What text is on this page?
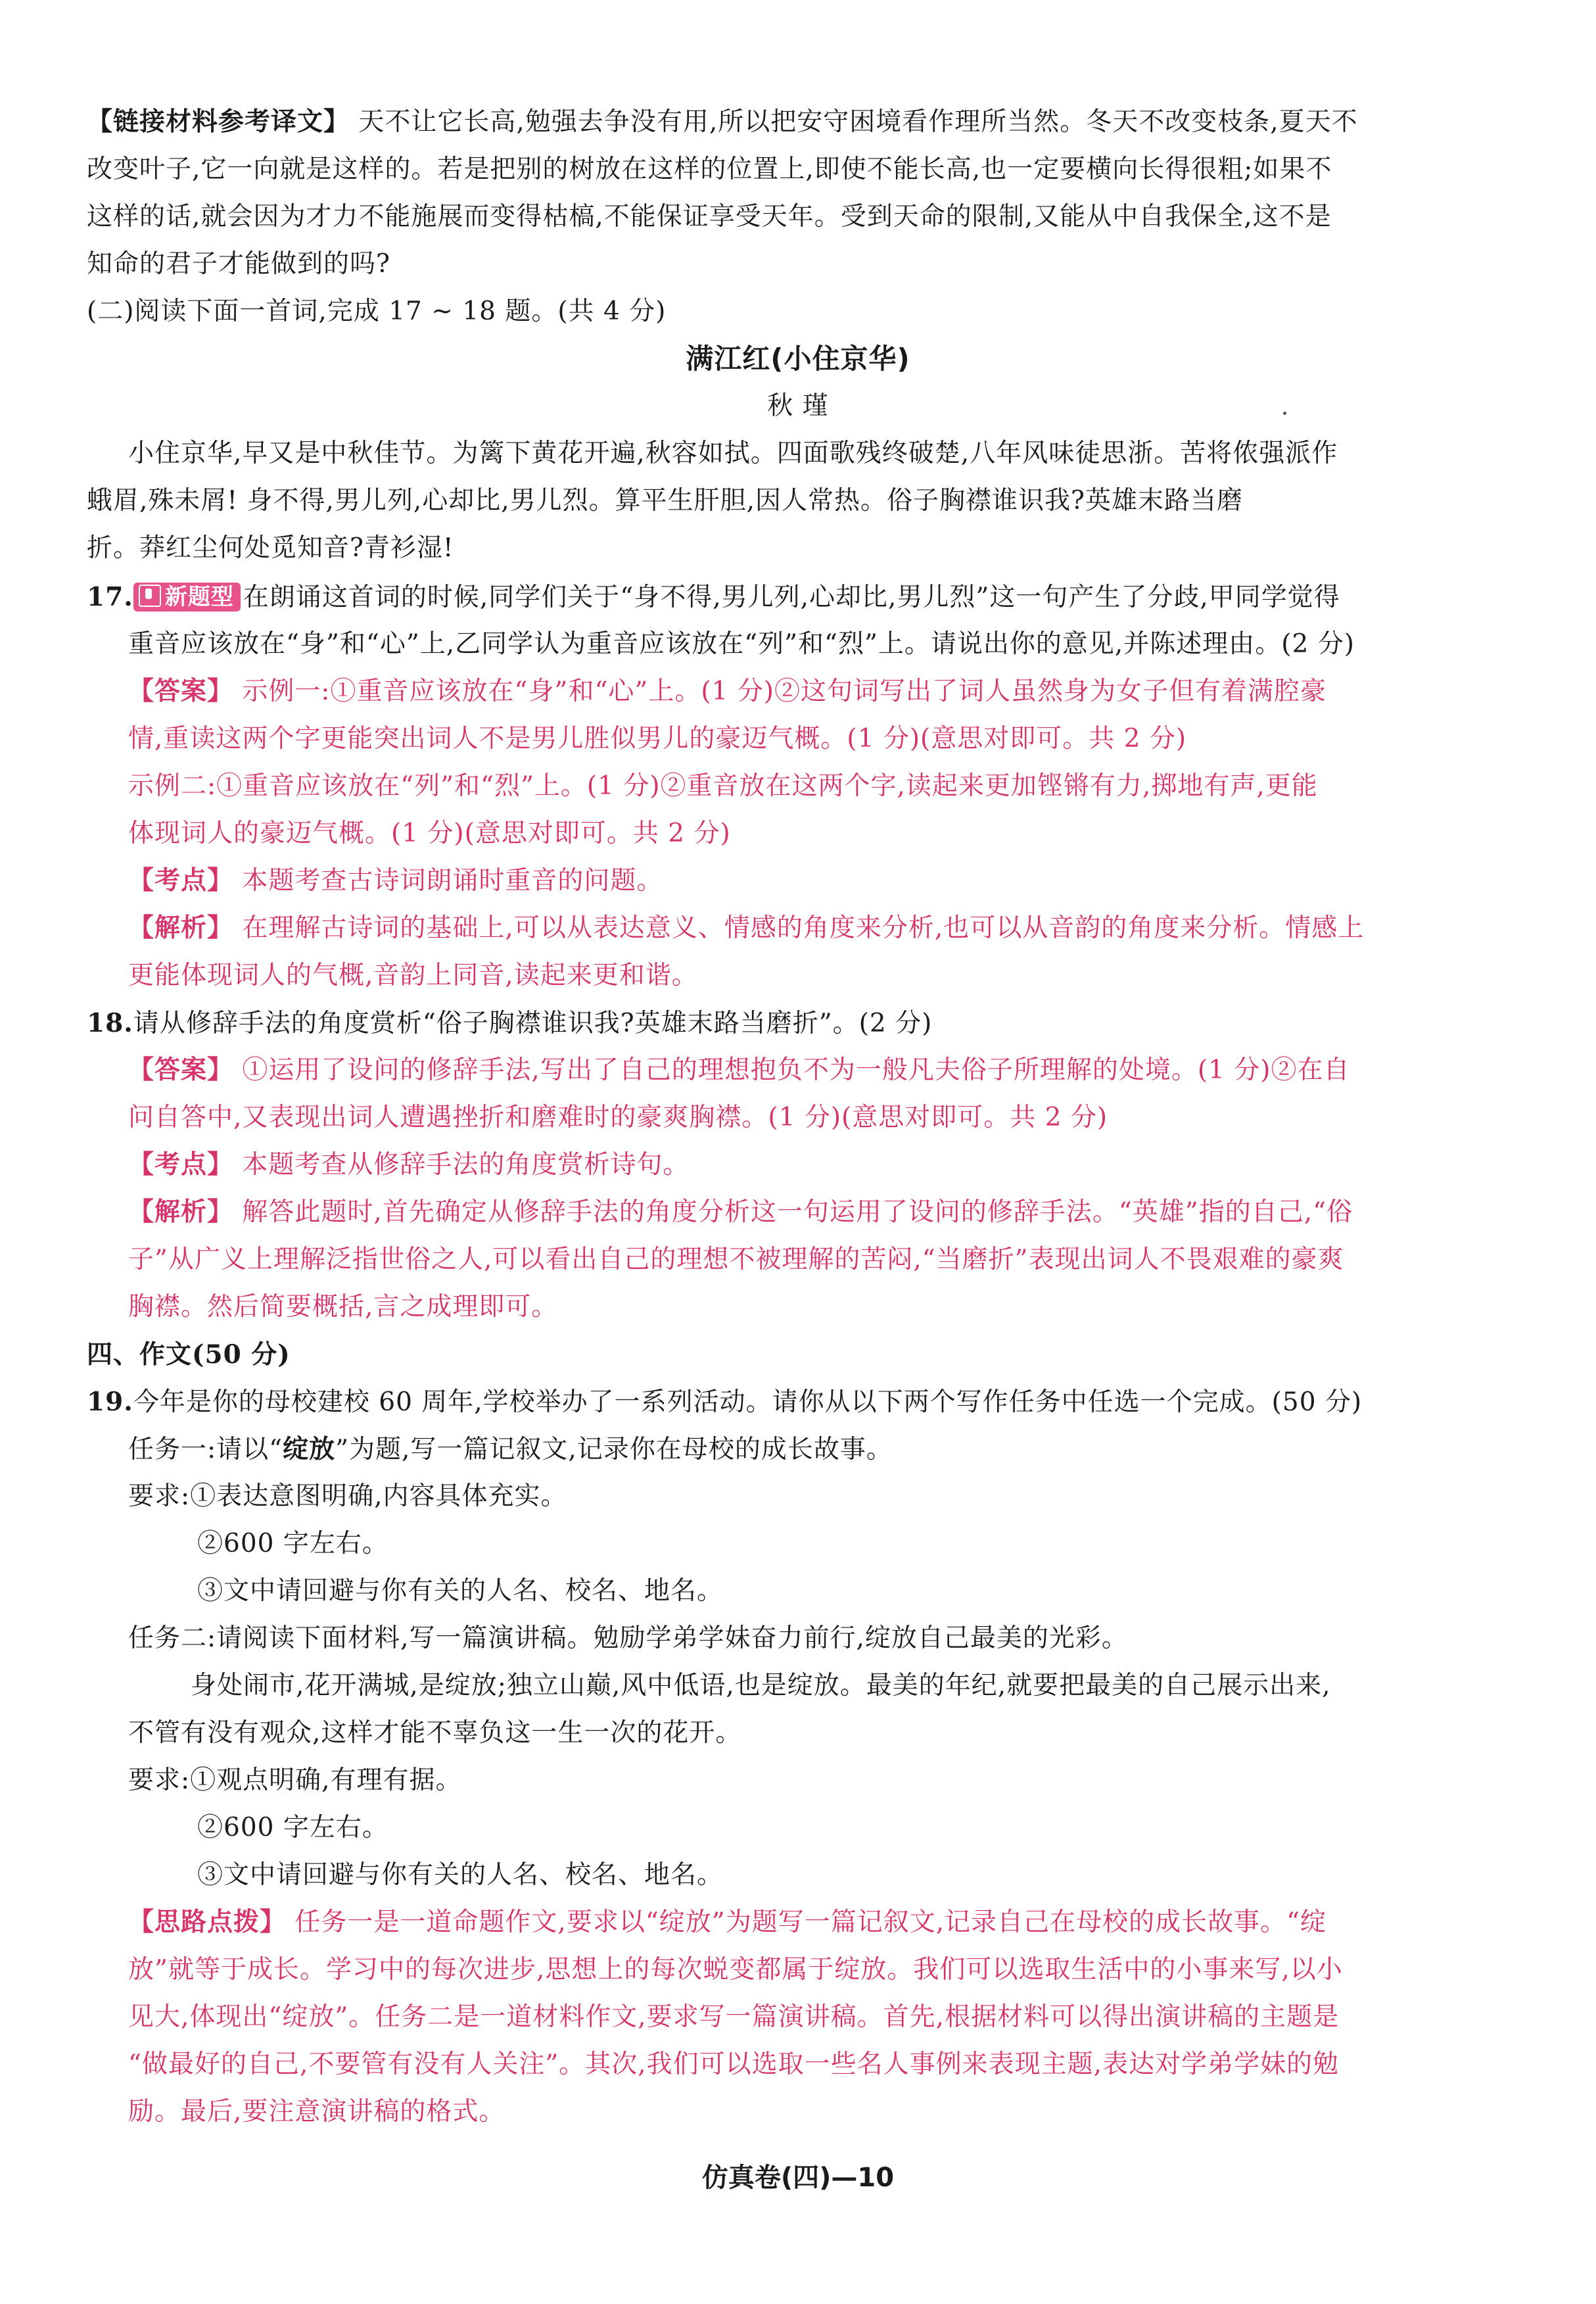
【链接材料参考译文】 天不让它长高,勉强去争没有用,所以把安守困境看作理所当然。冬天不改变枝条,夏天不
改变叶子,它一向就是这样的。若是把别的树放在这样的位置上,即使不能长高,也一定要横向长得很粗;如果不
这样的话,就会因为才力不能施展而变得枯槁,不能保证享受天年。受到天命的限制,又能从中自我保全,这不是
知命的君子才能做到的吗?
(二)阅读下面一首词,完成 17 ~ 18 题。(共 4 分)
满江红(小住京华)
秋 瑾
小住京华,早又是中秋佳节。为篱下黄花开遍,秋容如拭。四面歌残终破楚,八年风味徒思浙。苦将侬强派作
蛾眉,殊未屑! 身不得,男儿列,心却比,男儿烈。算平生肝胆,因人常热。俗子胸襟谁识我?英雄末路当磨
折。莽红尘何处觅知音?青衫湿!
17. 新题型 在朗诵这首词的时候,同学们关于“身不得,男儿列,心却比,男儿烈”这一句产生了分歧,甲同学觉得
重音应该放在“身”和“心”上,乙同学认为重音应该放在“列”和“烈”上。请说出你的意见,并陈述理由。(2 分)
【答案】 示例一:①重音应该放在“身”和“心”上。(1 分)②这句词写出了词人虽然身为女子但有着满腔豪
情,重读这两个字更能突出词人不是男儿胜似男儿的豪迈气概。(1 分)(意思对即可。共 2 分)
示例二:①重音应该放在“列”和“烈”上。(1 分)②重音放在这两个字,读起来更加铿锵有力,掷地有声,更能
体现词人的豪迈气概。(1 分)(意思对即可。共 2 分)
【考点】 本题考查古诗词朗诵时重音的问题。
【解析】 在理解古诗词的基础上,可以从表达意义、情感的角度来分析,也可以从音韵的角度来分析。情感上
更能体现词人的气概,音韵上同音,读起来更和谐。
18.请从修辞手法的角度赏析“俗子胸襟谁识我?英雄末路当磨折”。(2 分)
【答案】 ①运用了设问的修辞手法,写出了自己的理想抱负不为一般凡夫俗子所理解的处境。(1 分)②在自
问自答中,又表现出词人遭遇挫折和磨难时的豪爽胸襟。(1 分)(意思对即可。共 2 分)
【考点】 本题考查从修辞手法的角度赏析诗句。
【解析】 解答此题时,首先确定从修辞手法的角度分析这一句运用了设问的修辞手法。“英雄”指的自己,“俗
子”从广义上理解泛指世俗之人,可以看出自己的理想不被理解的苦闷,“当磨折”表现出词人不畏艰难的豪爽
胸襟。然后简要概括,言之成理即可。
四、作文(50 分)
19.今年是你的母校建校 60 周年,学校举办了一系列活动。请你从以下两个写作任务中任选一个完成。(50 分)
任务一:请以“绽放”为题,写一篇记叙文,记录你在母校的成长故事。
要求:①表达意图明确,内容具体充实。
②600 字左右。
③文中请回避与你有关的人名、校名、地名。
任务二:请阅读下面材料,写一篇演讲稿。勉励学弟学妹奋力前行,绽放自己最美的光彩。
身处闹市,花开满城,是绽放;独立山巅,风中低语,也是绽放。最美的年纪,就要把最美的自己展示出来,
不管有没有观众,这样才能不辜负这一生一次的花开。
要求:①观点明确,有理有据。
②600 字左右。
③文中请回避与你有关的人名、校名、地名。
【思路点拨】 任务一是一道命题作文,要求以“绽放”为题写一篇记叙文,记录自己在母校的成长故事。“绽
放”就等于成长。学习中的每次进步,思想上的每次蜕变都属于绽放。我们可以选取生活中的小事来写,以小
见大,体现出“绽放”。任务二是一道材料作文,要求写一篇演讲稿。首先,根据材料可以得出演讲稿的主题是
“做最好的自己,不要管有没有人关注”。其次,我们可以选取一些名人事例来表现主题,表达对学弟学妹的勉
励。最后,要注意演讲稿的格式。
仿真卷(四)—10
